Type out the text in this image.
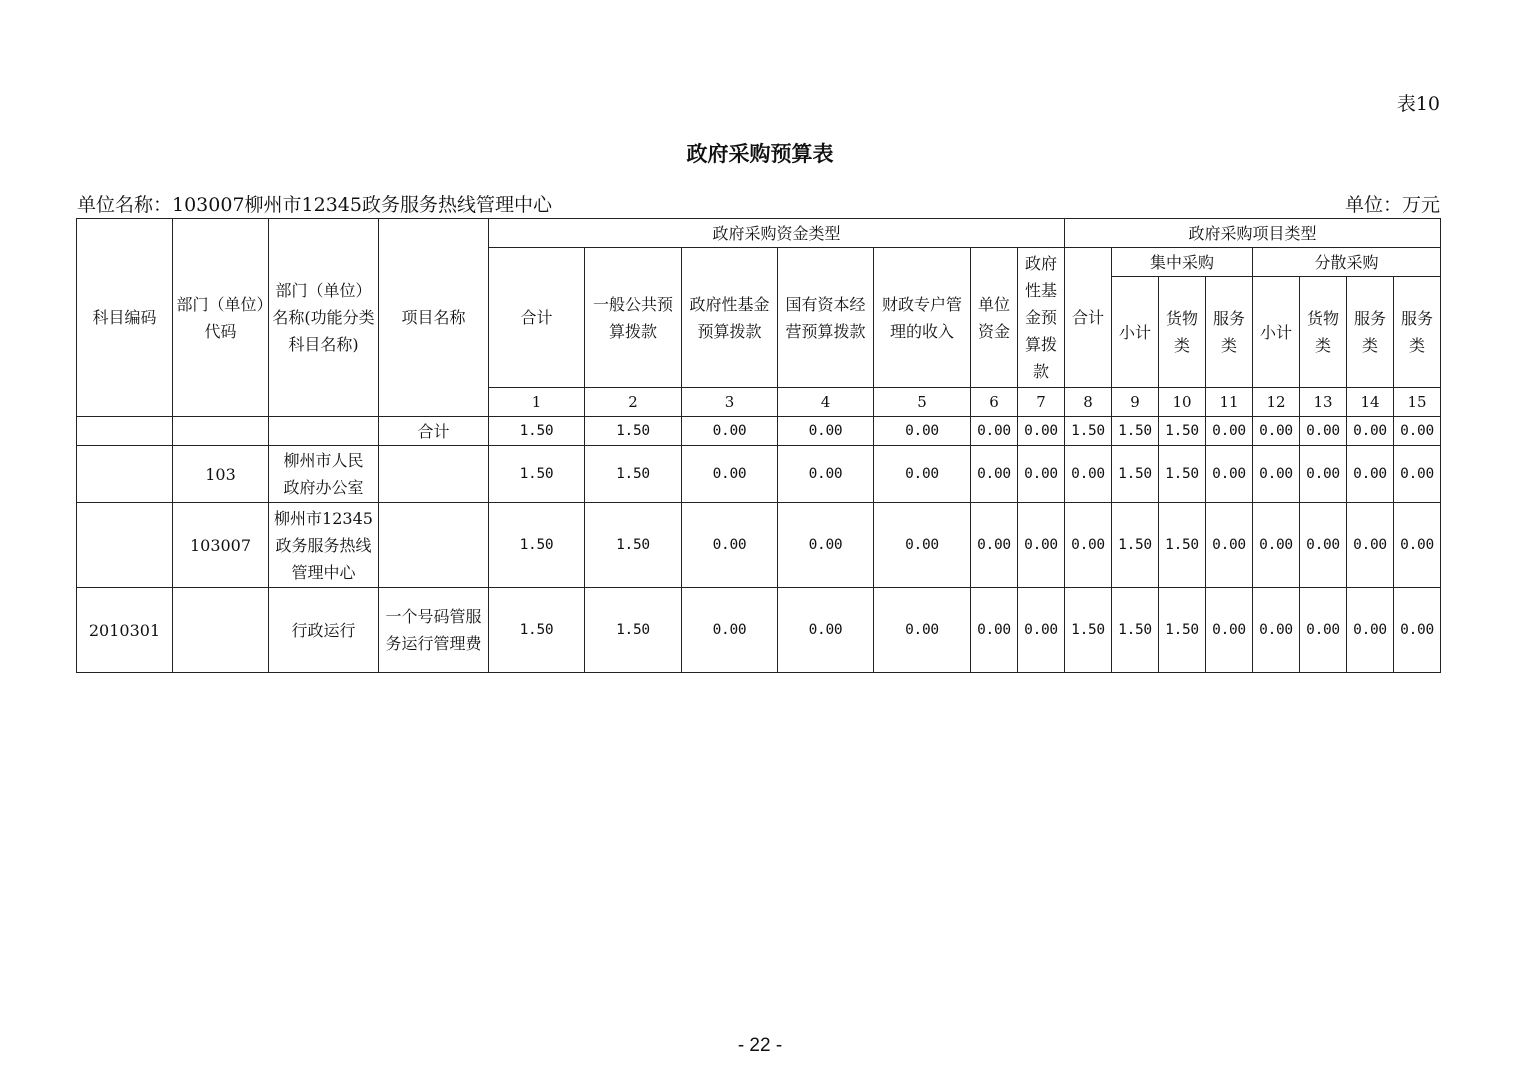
表10
政府采购预算表
单位名称：103007柳州市12345政务服务热线管理中心	单位：万元
科目编码	部门（单位）代码	部门（单位）名称(功能分类科目名称)	项目名称	政府采购资金类型							政府采购项目类型							
				合计	一般公共预算拨款	政府性基金预算拨款	国有资本经营预算拨款	财政专户管理的收入	单位资金	政府性基金预算拨款	合计	集中采购			分散采购			
												小计	货物类	服务类	小计	货物类	服务类	服务类
				1	2	3	4	5	6	7	8	9	10	11	12	13	14	15
			合计	1.50	1.50	0.00	0.00	0.00	0.00	0.00	1.50	1.50	1.50	0.00	0.00	0.00	0.00	0.00
	103	柳州市人民政府办公室		1.50	1.50	0.00	0.00	0.00	0.00	0.00	0.00	1.50	1.50	0.00	0.00	0.00	0.00	0.00
	103007	柳州市12345政务服务热线管理中心		1.50	1.50	0.00	0.00	0.00	0.00	0.00	0.00	1.50	1.50	0.00	0.00	0.00	0.00	0.00
2010301		行政运行	一个号码管服务运行管理费	1.50	1.50	0.00	0.00	0.00	0.00	0.00	1.50	1.50	1.50	0.00	0.00	0.00	0.00	0.00
- 22 -
